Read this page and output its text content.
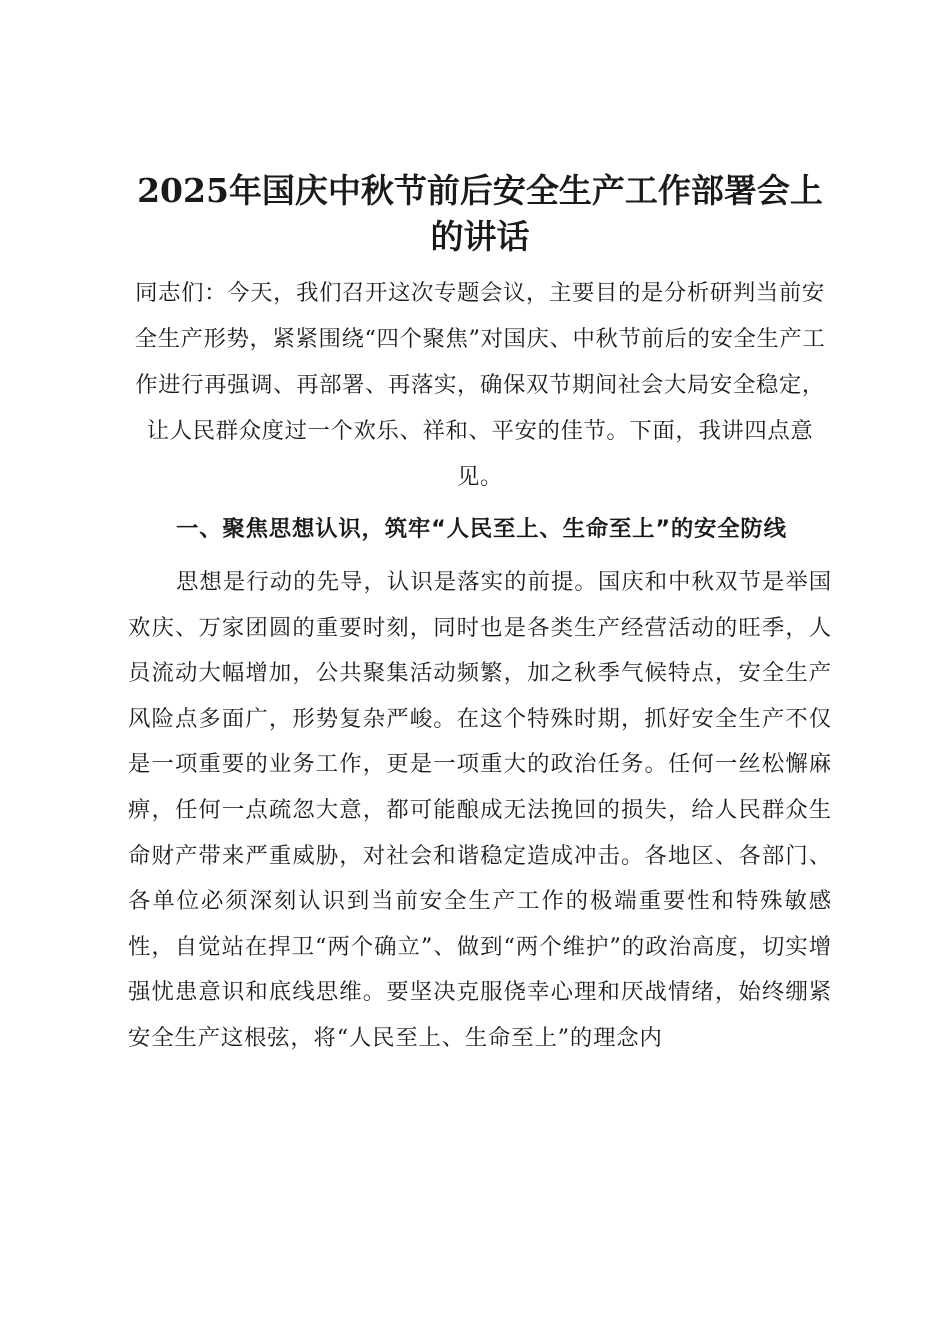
2025年国庆中秋节前后安全生产工作部署会上的讲话

同志们：今天，我们召开这次专题会议，主要目的是分析研判当前安全生产形势，紧紧围绕“四个聚焦”对国庆、中秋节前后的安全生产工作进行再强调、再部署、再落实，确保双节期间社会大局安全稳定，让人民群众度过一个欢乐、祥和、平安的佳节。下面，我讲四点意见。

一、聚焦思想认识，筑牢“人民至上、生命至上”的安全防线

思想是行动的先导，认识是落实的前提。国庆和中秋双节是举国欢庆、万家团圆的重要时刻，同时也是各类生产经营活动的旺季，人员流动大幅增加，公共聚集活动频繁，加之秋季气候特点，安全生产风险点多面广，形势复杂严峻。在这个特殊时期，抓好安全生产不仅是一项重要的业务工作，更是一项重大的政治任务。任何一丝松懈麻痹，任何一点疏忽大意，都可能酿成无法挽回的损失，给人民群众生命财产带来严重威胁，对社会和谐稳定造成冲击。各地区、各部门、各单位必须深刻认识到当前安全生产工作的极端重要性和特殊敏感性，自觉站在捍卫“两个确立”、做到“两个维护”的政治高度，切实增强忧患意识和底线思维。要坚决克服侥幸心理和厌战情绪，始终绷紧安全生产这根弦，将“人民至上、生命至上”的理念内
